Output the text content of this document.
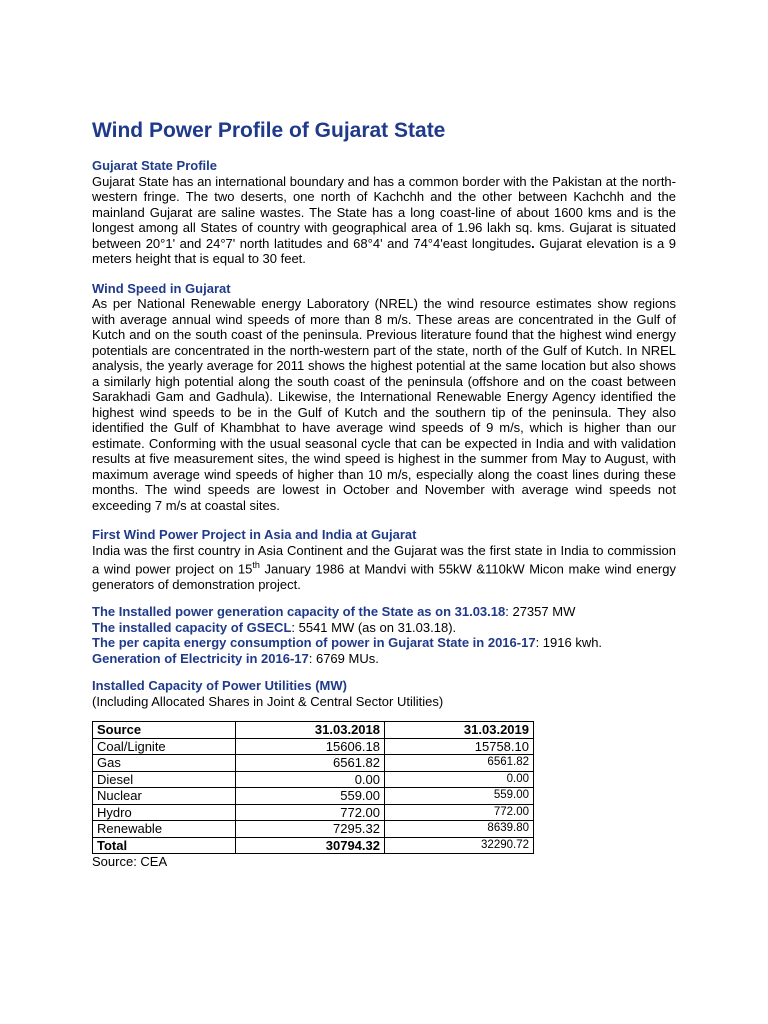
Wind Power Profile of Gujarat State
Gujarat State Profile
Gujarat State has an international boundary and has a common border with the Pakistan at the north-western fringe. The two deserts, one north of Kachchh and the other between Kachchh and the mainland Gujarat are saline wastes. The State has a long coast-line of about 1600 kms and is the longest among all States of country with geographical area of 1.96 lakh sq. kms. Gujarat is situated between 20°1' and 24°7' north latitudes and 68°4' and 74°4'east longitudes. Gujarat elevation is a 9 meters height that is equal to 30 feet.
Wind Speed in Gujarat
As per National Renewable energy Laboratory (NREL) the wind resource estimates show regions with average annual wind speeds of more than 8 m/s. These areas are concentrated in the Gulf of Kutch and on the south coast of the peninsula. Previous literature found that the highest wind energy potentials are concentrated in the north-western part of the state, north of the Gulf of Kutch. In NREL analysis, the yearly average for 2011 shows the highest potential at the same location but also shows a similarly high potential along the south coast of the peninsula (offshore and on the coast between Sarakhadi Gam and Gadhula). Likewise, the International Renewable Energy Agency identified the highest wind speeds to be in the Gulf of Kutch and the southern tip of the peninsula. They also identified the Gulf of Khambhat to have average wind speeds of 9 m/s, which is higher than our estimate. Conforming with the usual seasonal cycle that can be expected in India and with validation results at five measurement sites, the wind speed is highest in the summer from May to August, with maximum average wind speeds of higher than 10 m/s, especially along the coast lines during these months. The wind speeds are lowest in October and November with average wind speeds not exceeding 7 m/s at coastal sites.
First Wind Power Project in Asia and India at Gujarat
India was the first country in Asia Continent and the Gujarat was the first state in India to commission a wind power project on 15th January 1986 at Mandvi with 55kW &110kW Micon make wind energy generators of demonstration project.
The Installed power generation capacity of the State as on 31.03.18: 27357 MW
The installed capacity of GSECL: 5541 MW (as on 31.03.18).
The per capita energy consumption of power in Gujarat State in 2016-17: 1916 kwh.
Generation of Electricity in 2016-17: 6769 MUs.
Installed Capacity of Power Utilities (MW)
(Including Allocated Shares in Joint & Central Sector Utilities)
Source	31.03.2018	31.03.2019
Coal/Lignite	15606.18	15758.10
Gas	6561.82	6561.82
Diesel	0.00	0.00
Nuclear	559.00	559.00
Hydro	772.00	772.00
Renewable	7295.32	8639.80
Total	30794.32	32290.72
Source: CEA
